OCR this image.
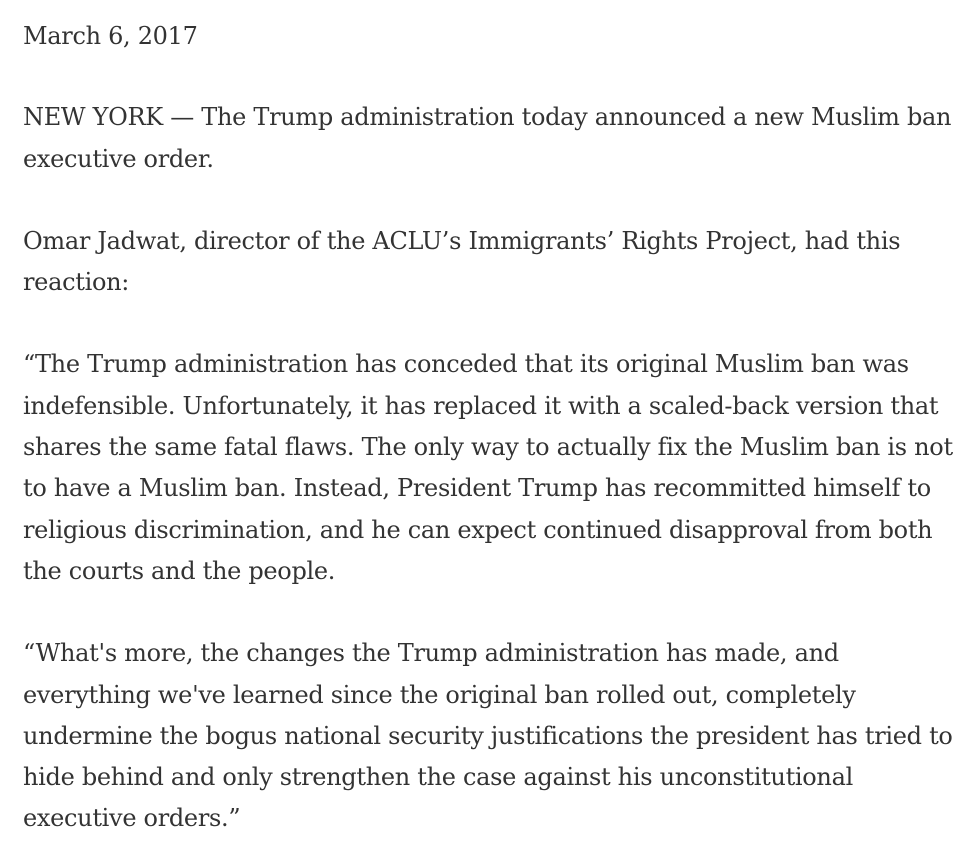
March 6, 2017

NEW YORK — The Trump administration today announced a new Muslim ban executive order.

Omar Jadwat, director of the ACLU’s Immigrants’ Rights Project, had this reaction:

“The Trump administration has conceded that its original Muslim ban was indefensible. Unfortunately, it has replaced it with a scaled-back version that shares the same fatal flaws. The only way to actually fix the Muslim ban is not to have a Muslim ban. Instead, President Trump has recommitted himself to religious discrimination, and he can expect continued disapproval from both the courts and the people.

“What's more, the changes the Trump administration has made, and everything we've learned since the original ban rolled out, completely undermine the bogus national security justifications the president has tried to hide behind and only strengthen the case against his unconstitutional executive orders.”
